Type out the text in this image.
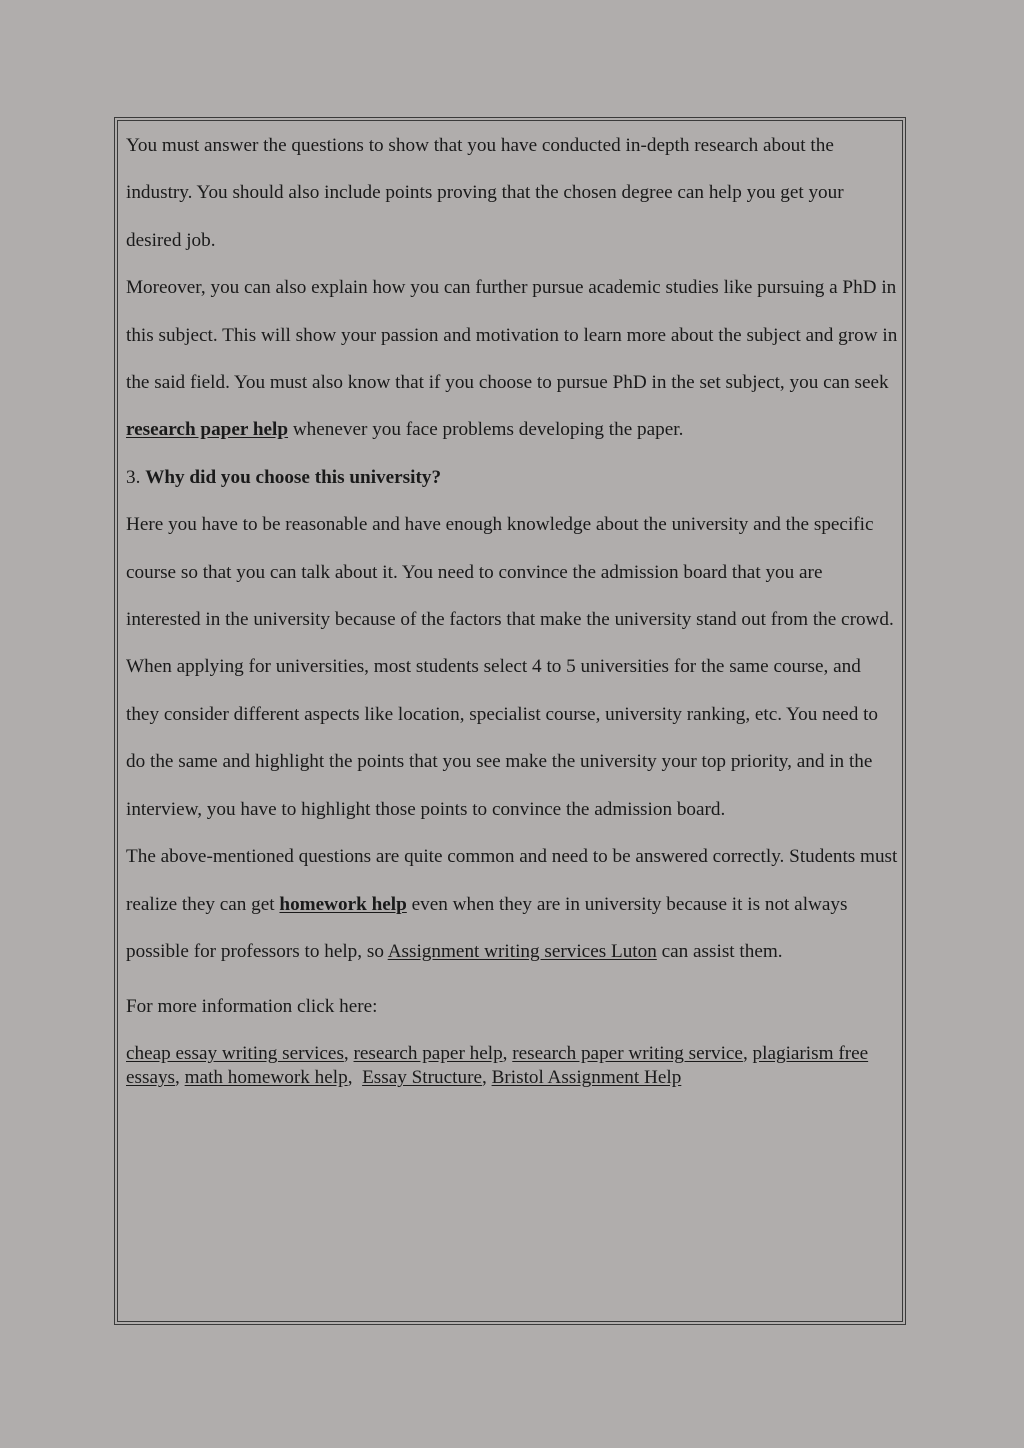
You must answer the questions to show that you have conducted in-depth research about the industry. You should also include points proving that the chosen degree can help you get your desired job.

Moreover, you can also explain how you can further pursue academic studies like pursuing a PhD in this subject. This will show your passion and motivation to learn more about the subject and grow in the said field. You must also know that if you choose to pursue PhD in the set subject, you can seek research paper help whenever you face problems developing the paper.

3. Why did you choose this university?

Here you have to be reasonable and have enough knowledge about the university and the specific course so that you can talk about it. You need to convince the admission board that you are interested in the university because of the factors that make the university stand out from the crowd.

When applying for universities, most students select 4 to 5 universities for the same course, and they consider different aspects like location, specialist course, university ranking, etc. You need to do the same and highlight the points that you see make the university your top priority, and in the interview, you have to highlight those points to convince the admission board.

The above-mentioned questions are quite common and need to be answered correctly. Students must realize they can get homework help even when they are in university because it is not always possible for professors to help, so Assignment writing services Luton can assist them.

For more information click here:

cheap essay writing services, research paper help, research paper writing service, plagiarism free essays, math homework help,  Essay Structure, Bristol Assignment Help
